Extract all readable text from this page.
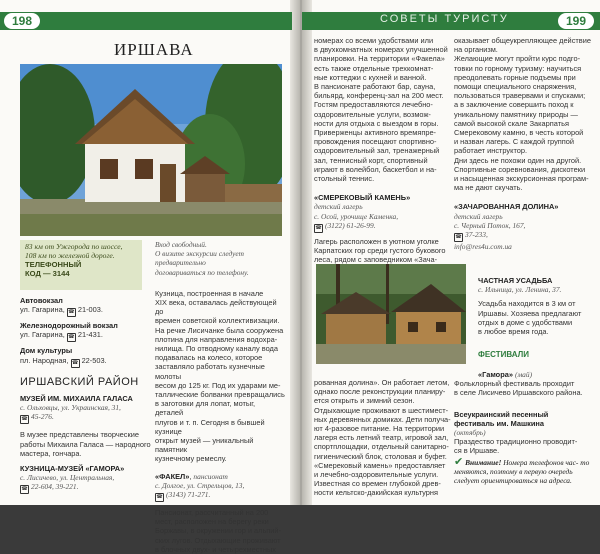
198	199
СОВЕТЫ ТУРИСТУ
ИРШАВА
83 км от Ужгорода по шоссе,
108 км по железной дороге.
ТЕЛЕФОННЫЙ
КОД — 3144
Автовокзал
ул. Гагарина, ☎ 21-003.
Железнодорожный вокзал
ул. Гагарина, ☎ 21-431.
Дом культуры
пл. Народная, ☎ 22-503.
ИРШАВСКИЙ РАЙОН
МУЗЕЙ ИМ. МИХАИЛА ГАЛАСА
с. Ольховцы, ул. Украинская, 31,
☎ 45-276.
В музее представлены творческие
работы Михаила Галаса — народного
мастера, гончара.
КУЗНИЦА-МУЗЕЙ «ГАМОРА»
с. Лисичево, ул. Центральная,
☎ 22-604, 39-221.
Вход свободный.
О визите экскурсии следует предварительно
договариваться по телефону.
Кузница, построенная в начале
XIX века, оставалась действующей до
времен советской коллективизации.
На речке Лисичанке была сооружена
плотина для направления водохра-
нилища. По отводному каналу вода
подавалась на колесо, которое
заставляло работать кузнечные молоты
весом до 125 кг. Под их ударами ме-
таллические болванки превращались
в заготовки для лопат, мотыг, деталей
плугов и т. п. Сегодня в бывшей кузнице
открыт музей — уникальный памятник
кузнечному ремеслу.
«ФАКЕЛ», пансионат
с. Долгое, ул. Стрельцов, 13,
☎ (3143) 71-271.
Пансионат, рассчитанный на 200
мест, расположен на берегу реки
Боржавы, в окружении гор и альпий-
ских лугов. Отдыхающие проживают
в блочных двух- и четырехместных
номерах со всеми удобствами или
в двухкомнатных номерах улучшенной
планировки. На территории «Факела»
есть также отдельные трехкомнат-
ные коттеджи с кухней и ванной.
В пансионате работают бар, сауна,
бильярд, конференц-зал на 200 мест.
Гостям предоставляются лечебно-
оздоровительные услуги, возмож-
ности для отдыха с выездом в горы.
Приверженцы активного времяпре-
провождения посещают спортивно-
оздоровительный зал, тренажерный
зал, теннисный корт, спортивный
играют в волейбол, баскетбол и на-
стольный теннис.
«СМЕРЕКОВЫЙ КАМЕНЬ»
детский лагерь
с. Осой, урочище Каменка,
☎ (3122) 61-26-99.
Лагерь расположен в уютном уголке
Карпатских гор среди густого букового
леса, рядом с заповедником «Зача-
рованная долина». Он работает летом,
однако после реконструкции планиру-
ется открыть и зимний сезон.
Отдыхающие проживают в шестимест-
ных деревянных домиках. Дети получа-
ют 4-разовое питание. На территории
лагеря есть летний театр, игровой зал,
спортплощадки, отдельный санитарно-
гигиенический блок, столовая и буфет.
«Смерековый камень» предоставляет
и лечебно-оздоровительные услуги.
Известная со времен глубокой древ-
ности кельтско-дакийская культурня
оказывает общеукрепляющее действие
на организм.
Желающие могут пройти курс подго-
товки по горному туризму: научиться
преодолевать горные подъемы при
помощи специального снаряжения,
пользоваться травервами и спусками;
а в заключение совершить поход к
уникальному памятнику природы —
самой высокой скале Закарпатья
Смерековому камню, в честь которой
и назван лагерь. С каждой группой
работает инструктор.
Дни здесь не похожи один на другой.
Спортивные соревнования, дискотеки
и насыщенная экскурсионная програм-
ма не дают скучать.
«ЗАЧАРОВАННАЯ ДОЛИНА»
детский лагерь
с. Черный Поток, 167,
☎ 37-233,
info@res4u.com.ua
ЧАСТНАЯ УСАДЬБА
с. Ильница, ул. Ленина, 37.
Усадьба находится в 3 км от
Иршавы. Хозяева предлагают
отдых в доме с удобствами
в любое время года.
ФЕСТИВАЛИ
«Гамора» (май)
Фольклорный фестиваль проходит
в селе Лисичево Иршавского района.
Всеукраинский песенный
фестиваль им. Машкина
(октябрь)
Праздество традиционно проводит-
ся в Иршаве.
✔ Внимание! Номера телефонов час- то меняются, поэтому в первую очередь следует ориентироваться на адреса.
